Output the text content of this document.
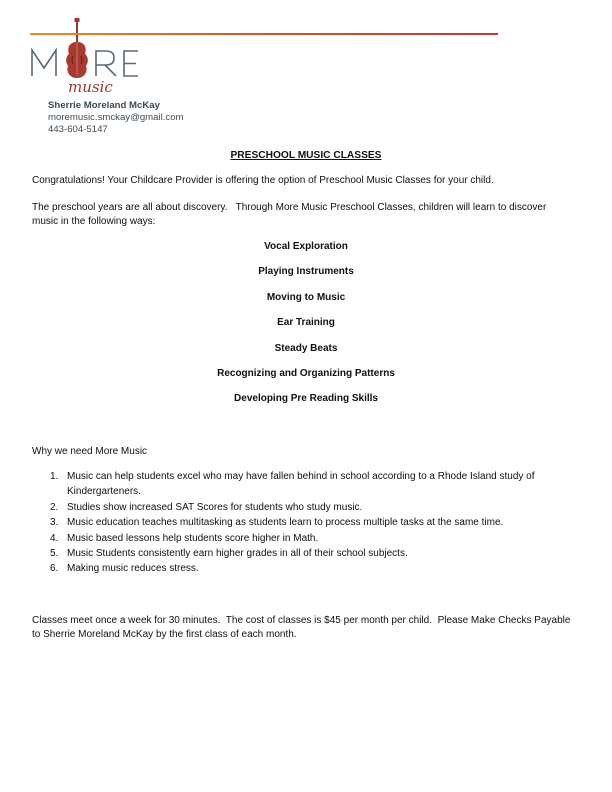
music
Sherrie Moreland McKay
moremusic.smckay@gmail.com
443-604-5147
PRESCHOOL MUSIC CLASSES
Congratulations! Your Childcare Provider is offering the option of Preschool Music Classes for your child.
The preschool years are all about discovery.   Through More Music Preschool Classes, children will learn to discover
music in the following ways:
Vocal Exploration
Playing Instruments
Moving to Music
Ear Training
Steady Beats
Recognizing and Organizing Patterns
Developing Pre Reading Skills
Why we need More Music
1. Music can help students excel who may have fallen behind in school according to a Rhode Island study of
Kindergarteners.
2. Studies show increased SAT Scores for students who study music.
3. Music education teaches multitasking as students learn to process multiple tasks at the same time.
4. Music based lessons help students score higher in Math.
5. Music Students consistently earn higher grades in all of their school subjects.
6. Making music reduces stress.
Classes meet once a week for 30 minutes.  The cost of classes is $45 per month per child.  Please Make Checks Payable
to Sherrie Moreland McKay by the first class of each month.
